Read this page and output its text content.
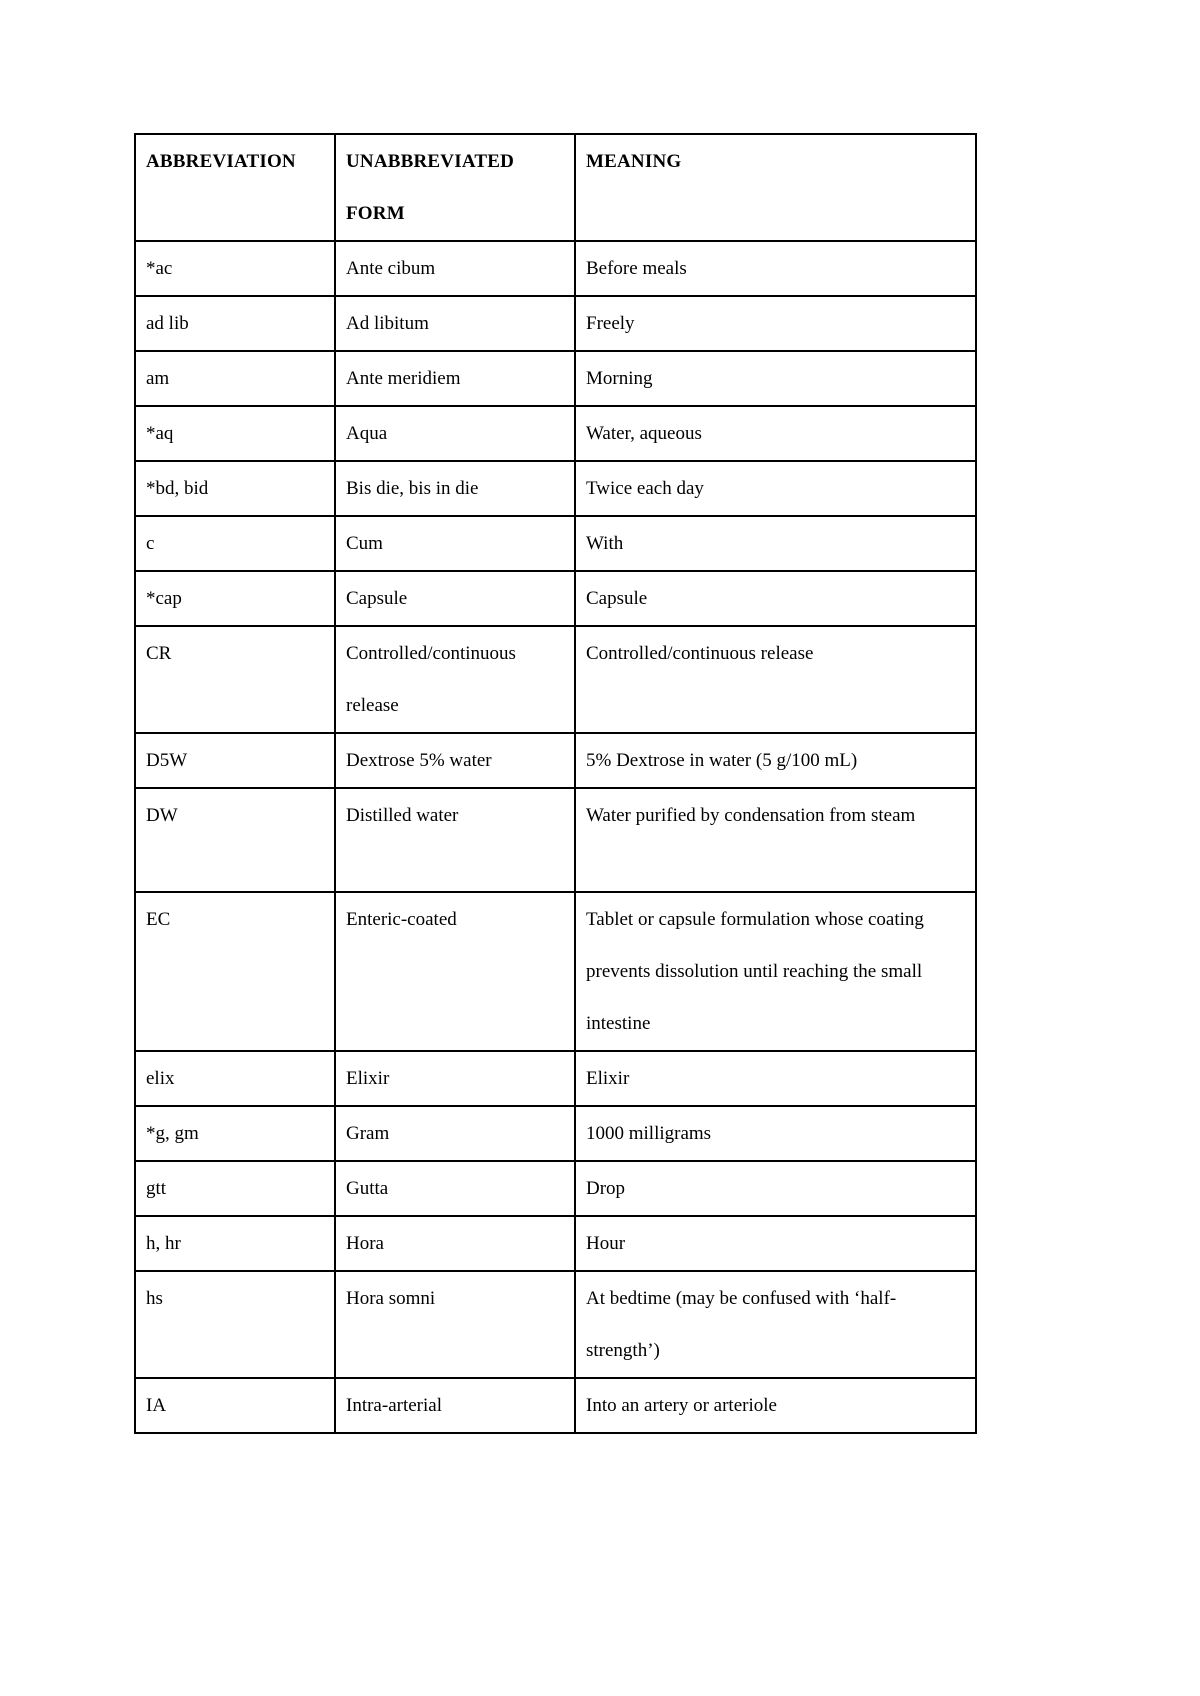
ABBREVIATION	UNABBREVIATED FORM	MEANING
*ac	Ante cibum	Before meals
ad lib	Ad libitum	Freely
am	Ante meridiem	Morning
*aq	Aqua	Water, aqueous
*bd, bid	Bis die, bis in die	Twice each day
c	Cum	With
*cap	Capsule	Capsule
CR	Controlled/continuous release	Controlled/continuous release
D5W	Dextrose 5% water	5% Dextrose in water (5 g/100 mL)
DW	Distilled water	Water purified by condensation from steam
EC	Enteric-coated	Tablet or capsule formulation whose coating prevents dissolution until reaching the small intestine
elix	Elixir	Elixir
*g, gm	Gram	1000 milligrams
gtt	Gutta	Drop
h, hr	Hora	Hour
hs	Hora somni	At bedtime (may be confused with ‘half-strength’)
IA	Intra-arterial	Into an artery or arteriole
